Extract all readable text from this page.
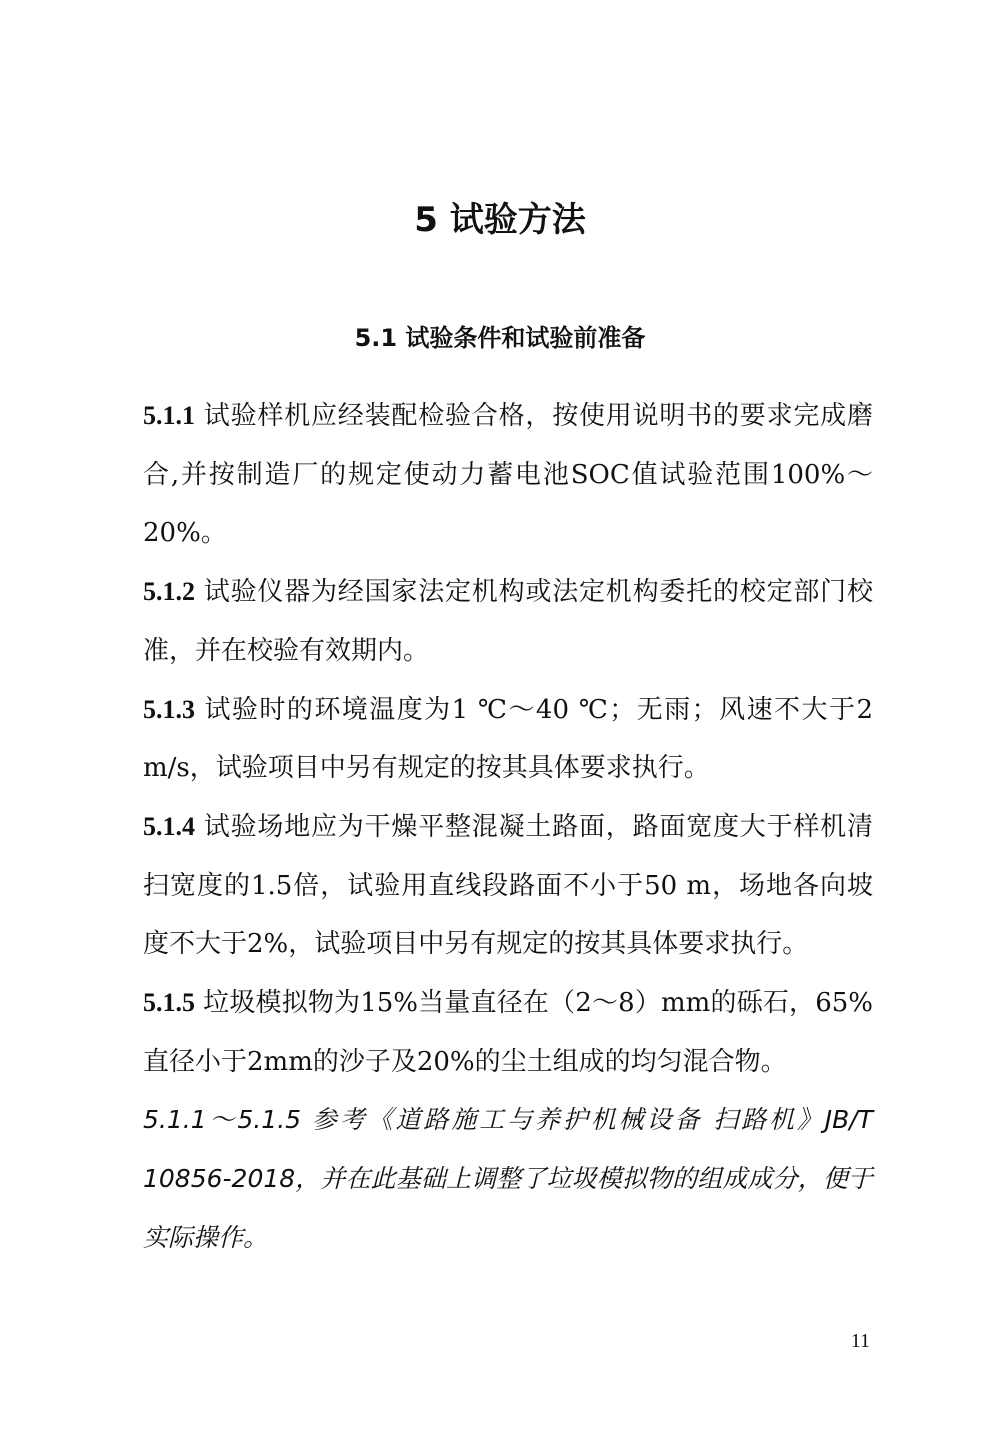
5 试验方法
5.1 试验条件和试验前准备

5.1.1 试验样机应经装配检验合格，按使用说明书的要求完成磨合,并按制造厂的规定使动力蓄电池SOC值试验范围100%～20%。

5.1.2 试验仪器为经国家法定机构或法定机构委托的校定部门校准，并在校验有效期内。

5.1.3 试验时的环境温度为1 ℃～40 ℃；无雨；风速不大于2 m/s，试验项目中另有规定的按其具体要求执行。

5.1.4 试验场地应为干燥平整混凝土路面，路面宽度大于样机清扫宽度的1.5倍，试验用直线段路面不小于50 m，场地各向坡度不大于2%，试验项目中另有规定的按其具体要求执行。

5.1.5 垃圾模拟物为15%当量直径在（2～8）mm的砾石，65%直径小于2mm的沙子及20%的尘土组成的均匀混合物。

5.1.1～5.1.5 参考《道路施工与养护机械设备 扫路机》JB/T 10856-2018，并在此基础上调整了垃圾模拟物的组成成分，便于实际操作。

11
